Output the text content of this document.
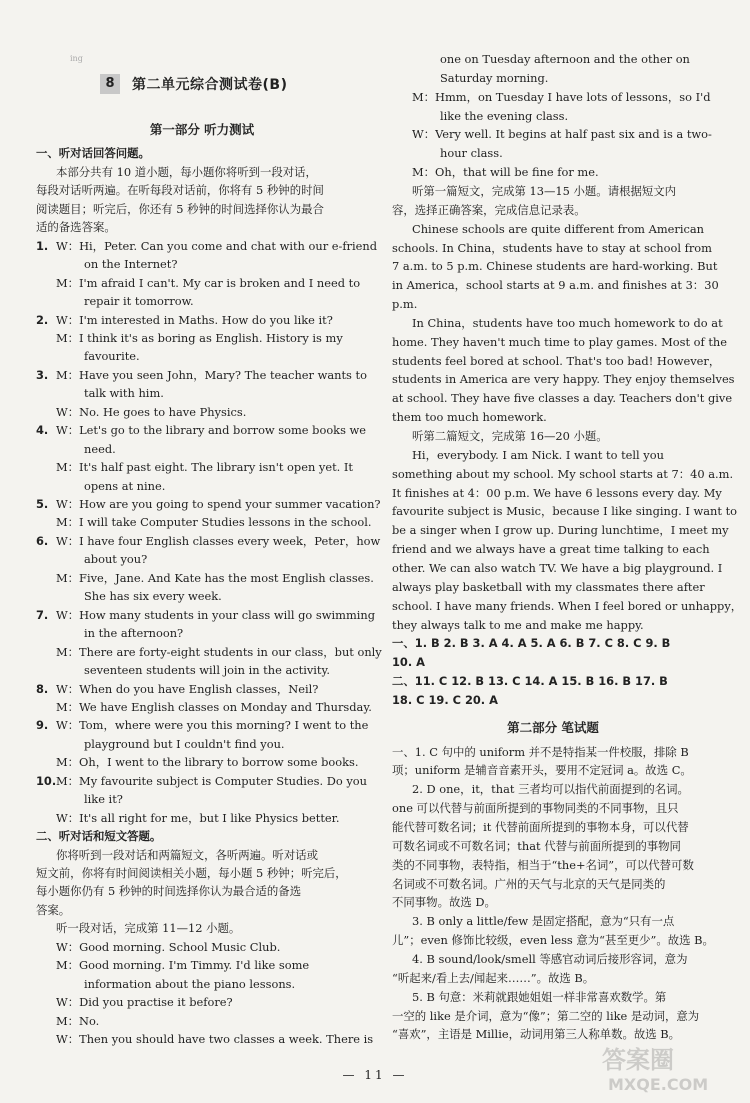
ing
8	第二单元综合测试卷(B)
第一部分 听力测试
一、听对话回答问题。
本部分共有 10 道小题，每小题你将听到一段对话，
每段对话听两遍。在听每段对话前，你将有 5 秒钟的时间
阅读题目；听完后，你还有 5 秒钟的时间选择你认为最合
适的备选答案。
1. W：Hi，Peter. Can you come and chat with our e-friend
on the Internet?
M：I'm afraid I can't. My car is broken and I need to
repair it tomorrow.
2. W：I'm interested in Maths. How do you like it?
M：I think it's as boring as English. History is my
favourite.
3. M：Have you seen John，Mary? The teacher wants to
talk with him.
W：No. He goes to have Physics.
4. W：Let's go to the library and borrow some books we
need.
M：It's half past eight. The library isn't open yet. It
opens at nine.
5. W：How are you going to spend your summer vacation?
M：I will take Computer Studies lessons in the school.
6. W：I have four English classes every week，Peter，how
about you?
M：Five，Jane. And Kate has the most English classes.
She has six every week.
7. W：How many students in your class will go swimming
in the afternoon?
M：There are forty-eight students in our class，but only
seventeen students will join in the activity.
8. W：When do you have English classes，Neil?
M：We have English classes on Monday and Thursday.
9. W：Tom，where were you this morning? I went to the
playground but I couldn't find you.
M：Oh，I went to the library to borrow some books.
10.M：My favourite subject is Computer Studies. Do you
like it?
W：It's all right for me，but I like Physics better.
二、听对话和短文答题。
你将听到一段对话和两篇短文，各听两遍。听对话或
短文前，你将有时间阅读相关小题，每小题 5 秒钟；听完后，
每小题你仍有 5 秒钟的时间选择你认为最合适的备选
答案。
听一段对话，完成第 11—12 小题。
W：Good morning. School Music Club.
M：Good morning. I'm Timmy. I'd like some
information about the piano lessons.
W：Did you practise it before?
M：No.
W：Then you should have two classes a week. There is
one on Tuesday afternoon and the other on
Saturday morning.
M：Hmm，on Tuesday I have lots of lessons，so I'd
like the evening class.
W：Very well. It begins at half past six and is a two-
hour class.
M：Oh，that will be fine for me.
听第一篇短文，完成第 13—15 小题。请根据短文内
容，选择正确答案，完成信息记录表。
Chinese schools are quite different from American
schools. In China，students have to stay at school from
7 a.m. to 5 p.m. Chinese students are hard-working. But
in America，school starts at 9 a.m. and finishes at 3：30
p.m.
In China，students have too much homework to do at
home. They haven't much time to play games. Most of the
students feel bored at school. That's too bad! However，
students in America are very happy. They enjoy themselves
at school. They have five classes a day. Teachers don't give
them too much homework.
听第二篇短文，完成第 16—20 小题。
Hi，everybody. I am Nick. I want to tell you
something about my school. My school starts at 7：40 a.m.
It finishes at 4：00 p.m. We have 6 lessons every day. My
favourite subject is Music，because I like singing. I want to
be a singer when I grow up. During lunchtime，I meet my
friend and we always have a great time talking to each
other. We can also watch TV. We have a big playground. I
always play basketball with my classmates there after
school. I have many friends. When I feel bored or unhappy，
they always talk to me and make me happy.
一、1. B 2. B 3. A 4. A 5. A 6. B 7. C 8. C 9. B
10. A
二、11. C 12. B 13. C 14. A 15. B 16. B 17. B
18. C 19. C 20. A
第二部分 笔试题
一、1. C 句中的 uniform 并不是特指某一件校服，排除 B
项；uniform 是辅音音素开头，要用不定冠词 a。故选 C。
2. D one，it，that 三者均可以指代前面提到的名词。
one 可以代替与前面所提到的事物同类的不同事物，且只
能代替可数名词；it 代替前面所提到的事物本身，可以代替
可数名词或不可数名词；that 代替与前面所提到的事物同
类的不同事物，表特指，相当于“the+名词”，可以代替可数
名词或不可数名词。广州的天气与北京的天气是同类的
不同事物。故选 D。
3. B only a little/few 是固定搭配，意为“只有一点
儿”；even 修饰比较级，even less 意为“甚至更少”。故选 B。
4. B sound/look/smell 等感官动词后接形容词，意为
“听起来/看上去/闻起来……”。故选 B。
5. B 句意：米莉就跟她姐姐一样非常喜欢数学。第
一空的 like 是介词，意为“像”；第二空的 like 是动词，意为
“喜欢”，主语是 Millie，动词用第三人称单数。故选 B。
— 11 —
答案圈
MXQE.COM
